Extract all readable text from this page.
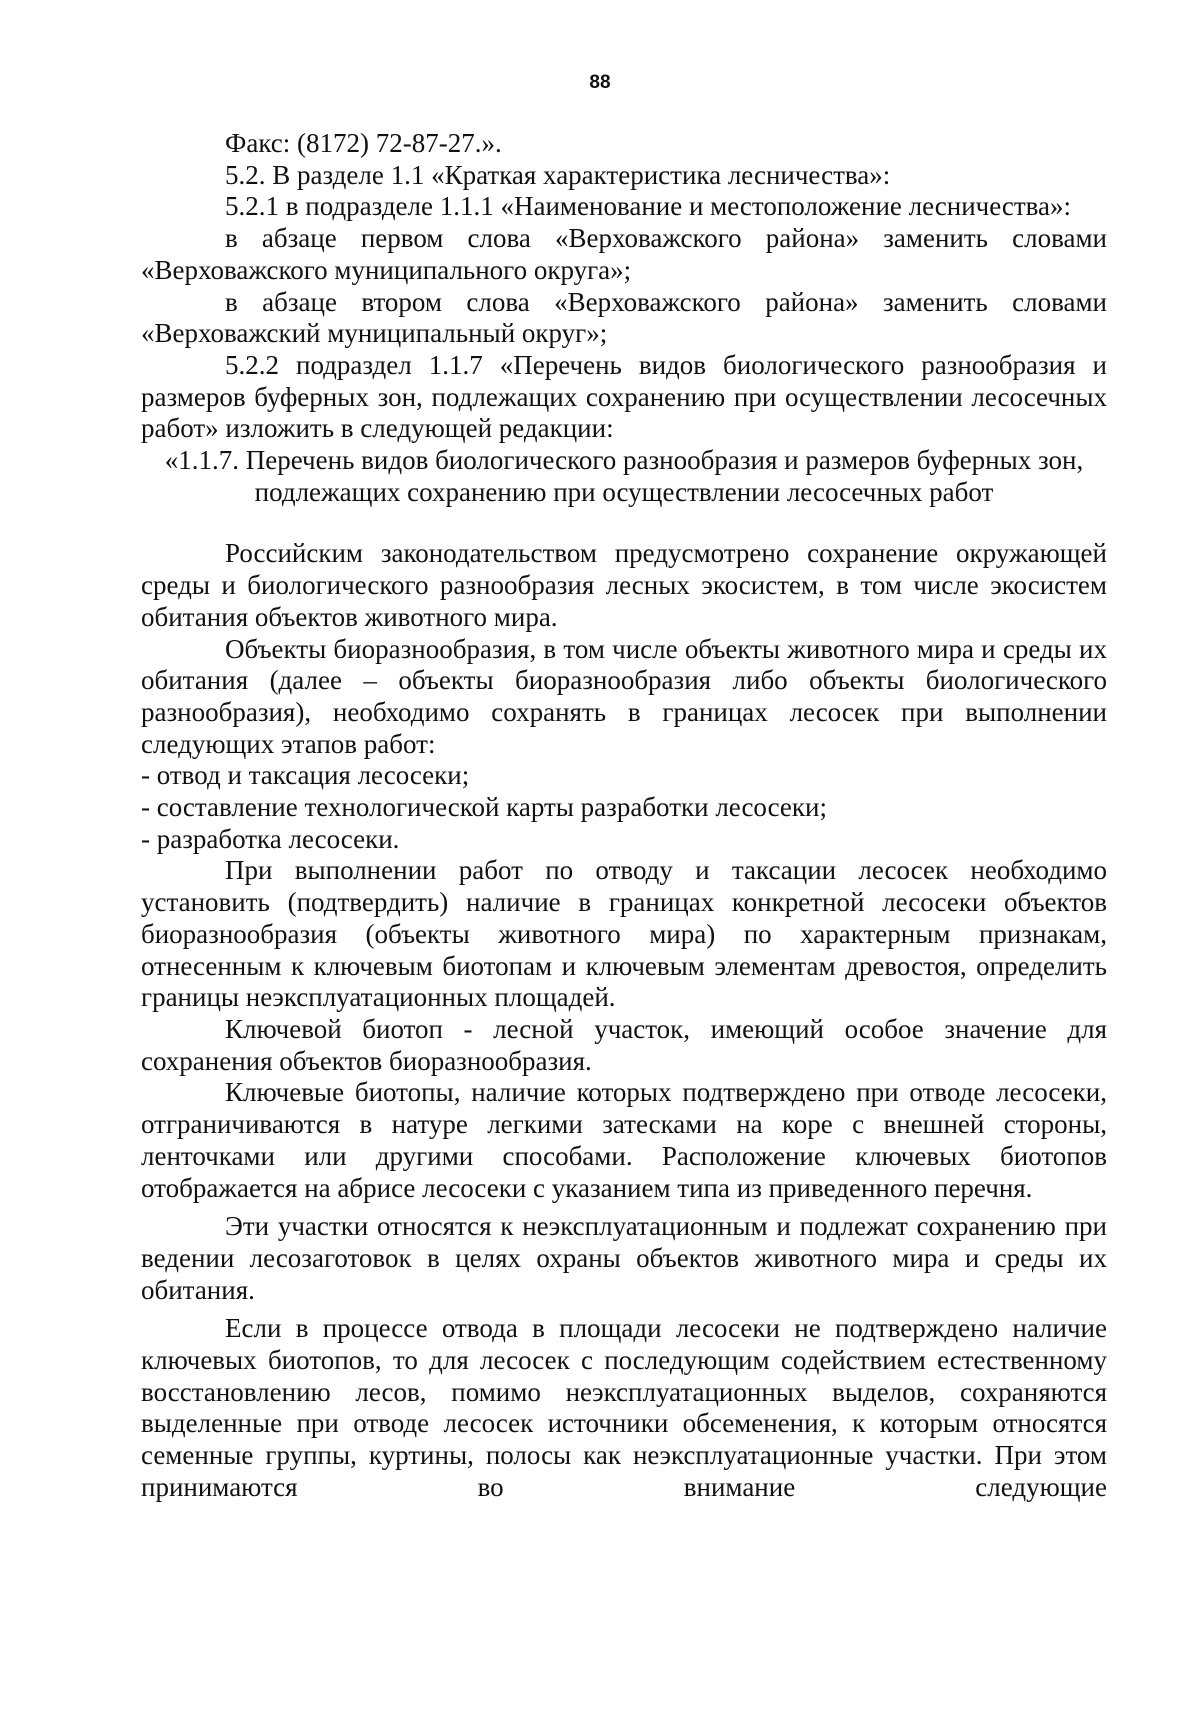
88

Факс: (8172) 72-87-27.».

5.2. В разделе 1.1 «Краткая характеристика лесничества»:

5.2.1 в подразделе 1.1.1 «Наименование и местоположение лесничества»:

в абзаце первом слова «Верховажского района» заменить словами «Верховажского муниципального округа»;

в абзаце втором слова «Верховажского района» заменить словами «Верховажский муниципальный округ»;

5.2.2 подраздел 1.1.7 «Перечень видов биологического разнообразия и размеров буферных зон, подлежащих сохранению при осуществлении лесосечных работ» изложить в следующей редакции:

«1.1.7. Перечень видов биологического разнообразия и размеров буферных зон, подлежащих сохранению при осуществлении лесосечных работ

Российским законодательством предусмотрено сохранение окружающей среды и биологического разнообразия лесных экосистем, в том числе экосистем обитания объектов животного мира.

Объекты биоразнообразия, в том числе объекты животного мира и среды их обитания (далее – объекты биоразнообразия либо объекты биологического разнообразия), необходимо сохранять в границах лесосек при выполнении следующих этапов работ:

- отвод и таксация лесосеки;

- составление технологической карты разработки лесосеки;

- разработка лесосеки.

При выполнении работ по отводу и таксации лесосек необходимо установить (подтвердить) наличие в границах конкретной лесосеки объектов биоразнообразия (объекты животного мира) по характерным признакам, отнесенным к ключевым биотопам и ключевым элементам древостоя, определить границы неэксплуатационных площадей.

Ключевой биотоп - лесной участок, имеющий особое значение для сохранения объектов биоразнообразия.

Ключевые биотопы, наличие которых подтверждено при отводе лесосеки, отграничиваются в натуре легкими затесками на коре с внешней стороны, ленточками или другими способами. Расположение ключевых биотопов отображается на абрисе лесосеки с указанием типа из приведенного перечня.

Эти участки относятся к неэксплуатационным и подлежат сохранению при ведении лесозаготовок в целях охраны объектов животного мира и среды их обитания.

Если в процессе отвода в площади лесосеки не подтверждено наличие ключевых биотопов, то для лесосек с последующим содействием естественному восстановлению лесов, помимо неэксплуатационных выделов, сохраняются выделенные при отводе лесосек источники обсеменения, к которым относятся семенные группы, куртины, полосы как неэксплуатационные участки. При этом принимаются во внимание следующие
